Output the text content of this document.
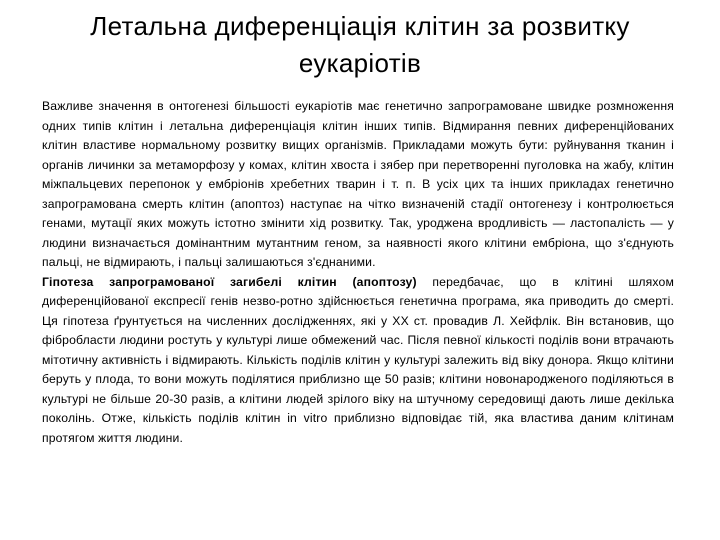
Летальна диференціація клітин за розвитку еукаріотів

Важливе значення в онтогенезі більшості еукаріотів має генетично запрограмоване швидке розмноження одних типів клітин і летальна диференціація клітин інших типів. Відмирання певних диференційованих клітин властиве нормальному розвитку вищих організмів. Прикладами можуть бути: руйнування тканин і органів личинки за метаморфозу у комах, клітин хвоста і зябер при перетворенні пуголовка на жабу, клітин міжпальцевих перепонок у ембріонів хребетних тварин і т. п. В усіх цих та інших прикладах генетично запрограмована смерть клітин (апоптоз) наступає на чітко визначеній стадії онтогенезу і контролюється генами, мутації яких можуть істотно змінити хід розвитку. Так, уроджена вродливість — ластопалість — у людини визначається домінантним мутантним геном, за наявності якого клітини ембріона, що з'єднують пальці, не відмирають, і пальці залишаються з'єднаними.

Гіпотеза запрограмованої загибелі клітин (апоптозу) передбачає, що в клітині шляхом диференційованої експресії генів незво-ротно здійснюється генетична програма, яка приводить до смерті. Ця гіпотеза ґрунтується на численних дослідженнях, які у XX ст. провадив Л. Хейфлік. Він встановив, що фібробласти людини ростуть у культурі лише обмежений час. Після певної кількості поділів вони втрачають мітотичну активність і відмирають. Кількість поділів клітин у культурі залежить від віку донора. Якщо клітини беруть у плода, то вони можуть поділятися приблизно ще 50 разів; клітини новонародженого поділяються в культурі не більше 20-30 разів, а клітини людей зрілого віку на штучному середовищі дають лише декілька поколінь. Отже, кількість поділів клітин in vitro приблизно відповідає тій, яка властива даним клітинам протягом життя людини.
